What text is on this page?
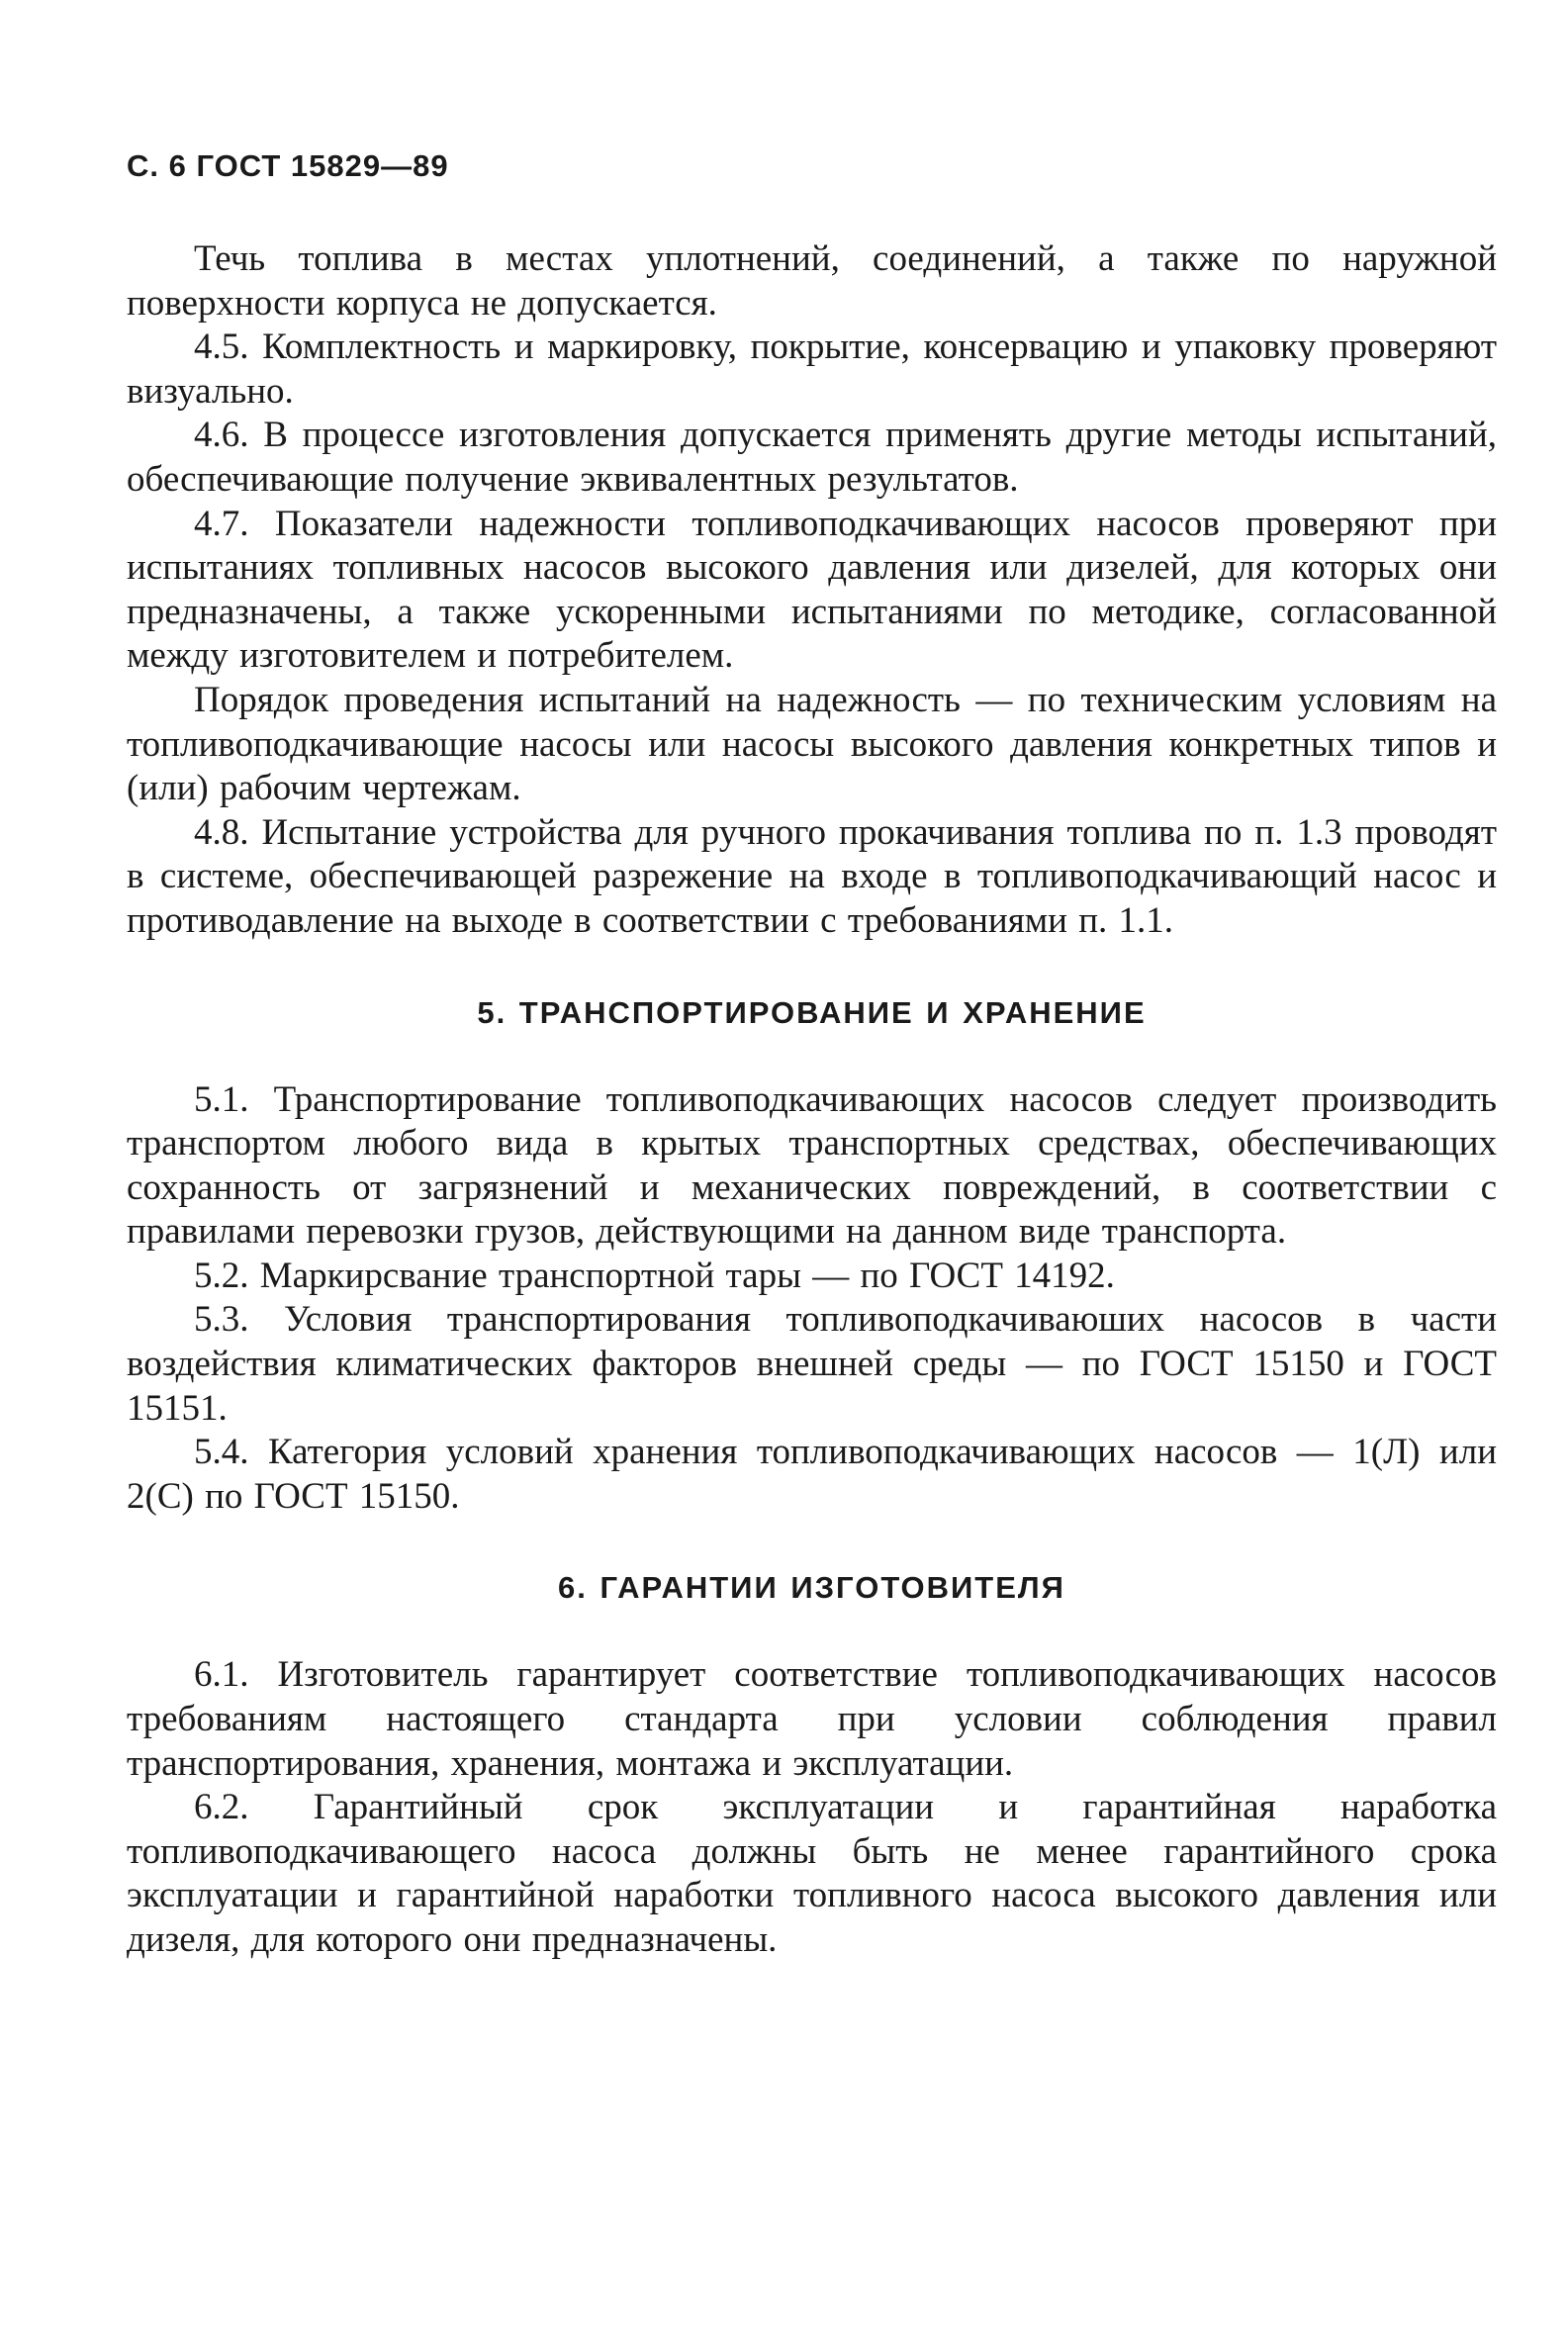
С. 6 ГОСТ 15829—89

Течь топлива в местах уплотнений, соединений, а также по наружной поверхности корпуса не допускается.

4.5. Комплектность и маркировку, покрытие, консервацию и упаковку проверяют визуально.

4.6. В процессе изготовления допускается применять другие методы испытаний, обеспечивающие получение эквивалентных результатов.

4.7. Показатели надежности топливоподкачивающих насосов проверяют при испытаниях топливных насосов высокого давления или дизелей, для которых они предназначены, а также ускоренными испытаниями по методике, согласованной между изготовителем и потребителем.

Порядок проведения испытаний на надежность — по техническим условиям на топливоподкачивающие насосы или насосы высокого давления конкретных типов и (или) рабочим чертежам.

4.8. Испытание устройства для ручного прокачивания топлива по п. 1.3 проводят в системе, обеспечивающей разрежение на входе в топливоподкачивающий насос и противодавление на выходе в соответствии с требованиями п. 1.1.

5. ТРАНСПОРТИРОВАНИЕ И ХРАНЕНИЕ

5.1. Транспортирование топливоподкачивающих насосов следует производить транспортом любого вида в крытых транспортных средствах, обеспечивающих сохранность от загрязнений и механических повреждений, в соответствии с правилами перевозки грузов, действующими на данном виде транспорта.

5.2. Маркирсвание транспортной тары — по ГОСТ 14192.

5.3. Условия транспортирования топливоподкачиваюших насосов в части воздействия климатических факторов внешней среды — по ГОСТ 15150 и ГОСТ 15151.

5.4. Категория условий хранения топливоподкачивающих насосов — 1(Л) или 2(С) по ГОСТ 15150.

6. ГАРАНТИИ ИЗГОТОВИТЕЛЯ

6.1. Изготовитель гарантирует соответствие топливоподкачивающих насосов требованиям настоящего стандарта при условии соблюдения правил транспортирования, хранения, монтажа и эксплуатации.

6.2. Гарантийный срок эксплуатации и гарантийная наработка топливоподкачивающего насоса должны быть не менее гарантийного срока эксплуатации и гарантийной наработки топливного насоса высокого давления или дизеля, для которого они предназначены.
